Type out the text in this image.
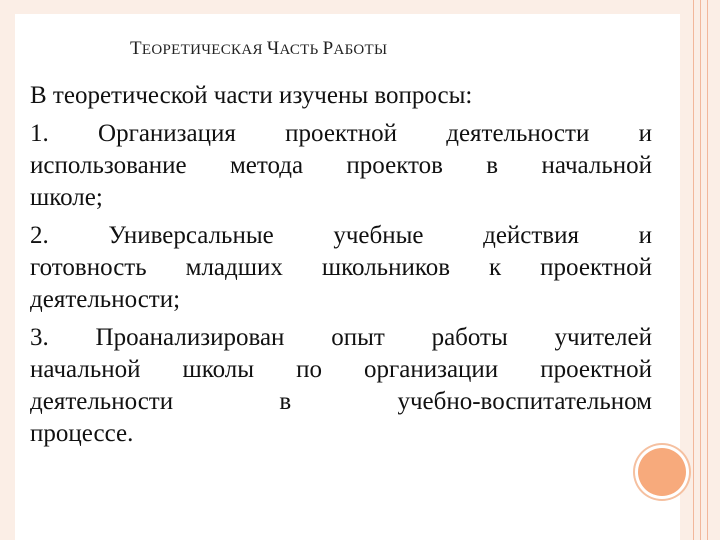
ТЕОРЕТИЧЕСКАЯ ЧАСТЬ РАБОТЫ
В теоретической части изучены вопросы:
1. Организация проектной деятельности и
использование метода проектов в начальной
школе;
2. Универсальные учебные действия и
готовность младших школьников к проектной
деятельности;
3. Проанализирован опыт работы учителей
начальной школы по организации проектной
деятельности	в	учебно-воспитательном
процессе.
